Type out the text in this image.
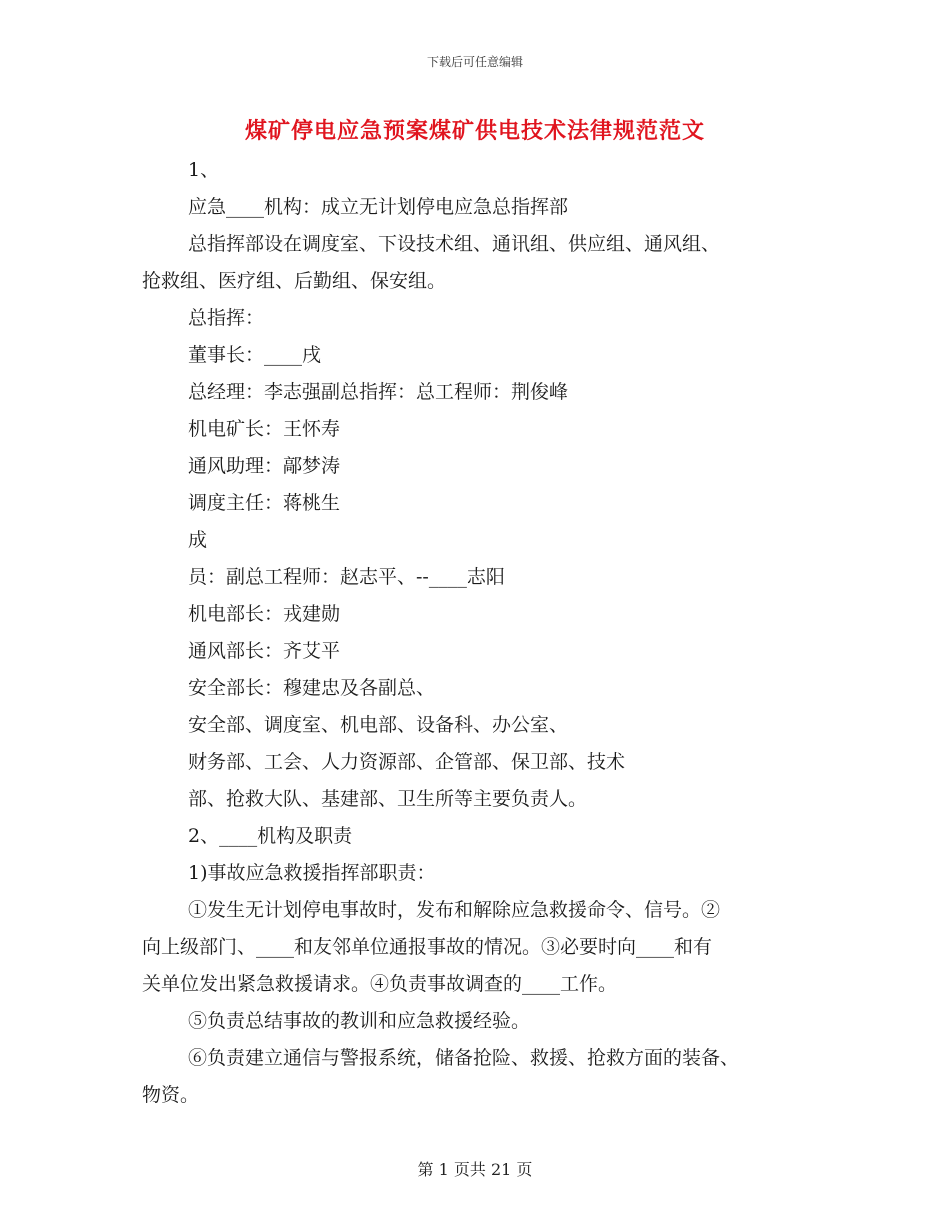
下载后可任意编辑
煤矿停电应急预案煤矿供电技术法律规范范文
1、
应急____机构：成立无计划停电应急总指挥部
总指挥部设在调度室、下设技术组、通讯组、供应组、通风组、
抢救组、医疗组、后勤组、保安组。
总指挥：
董事长：____戌
总经理：李志强副总指挥：总工程师：荆俊峰
机电矿长：王怀寿
通风助理：鄗梦涛
调度主任：蒋桃生
成
员：副总工程师：赵志平、--____志阳
机电部长：戎建勋
通风部长：齐艾平
安全部长：穆建忠及各副总、
安全部、调度室、机电部、设备科、办公室、
财务部、工会、人力资源部、企管部、保卫部、技术
部、抢救大队、基建部、卫生所等主要负责人。
2、____机构及职责
1)事故应急救援指挥部职责：
①发生无计划停电事故时，发布和解除应急救援命令、信号。②
向上级部门、____和友邻单位通报事故的情况。③必要时向____和有
关单位发出紧急救援请求。④负责事故调查的____工作。
⑤负责总结事故的教训和应急救援经验。
⑥负责建立通信与警报系统，储备抢险、救援、抢救方面的装备、
物资。
第 1 页共 21 页
